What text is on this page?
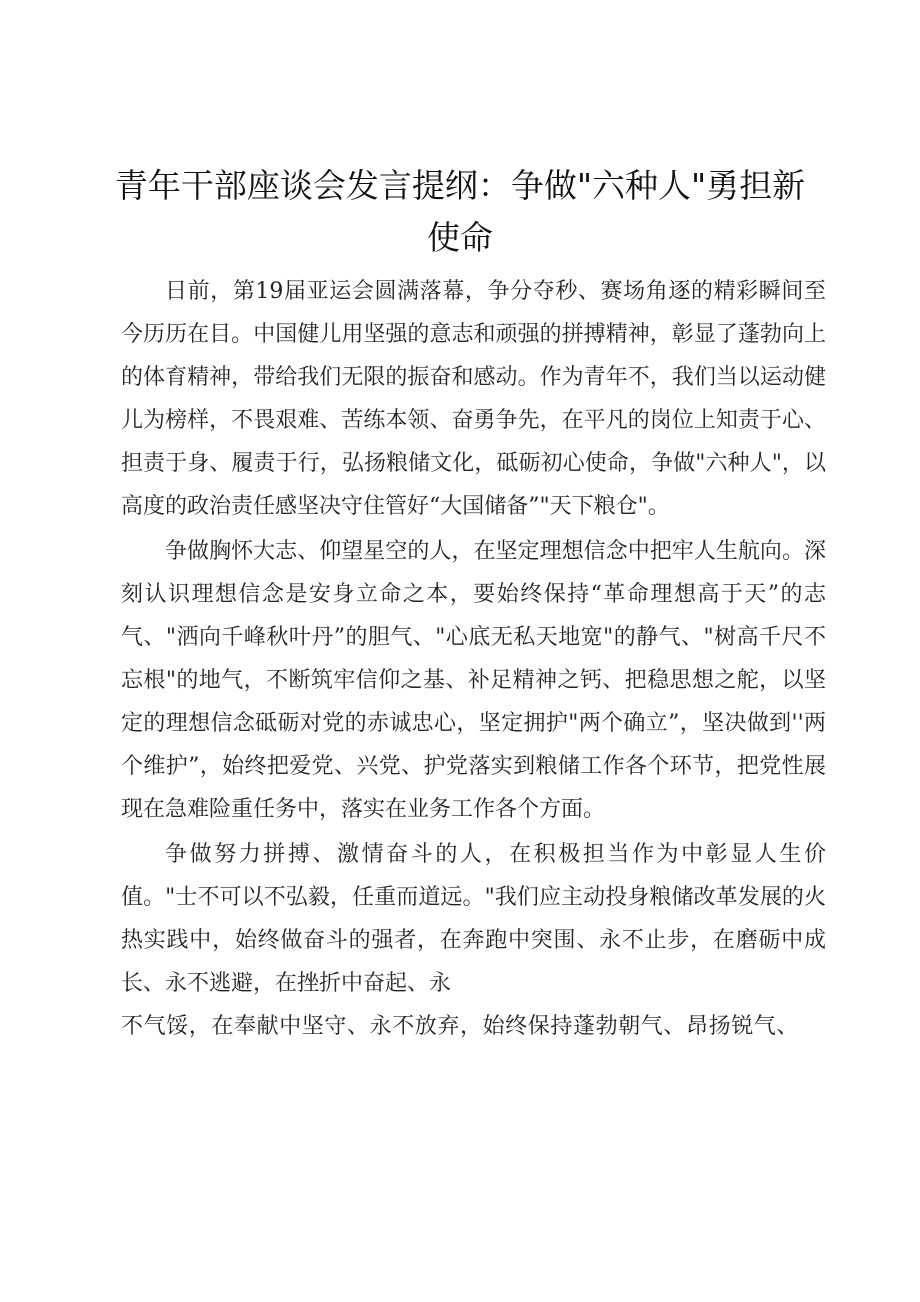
青年干部座谈会发言提纲：争做"六种人"勇担新使命

日前，第19届亚运会圆满落幕，争分夺秒、赛场角逐的精彩瞬间至今历历在目。中国健儿用坚强的意志和顽强的拼搏精神，彰显了蓬勃向上的体育精神，带给我们无限的振奋和感动。作为青年不，我们当以运动健儿为榜样，不畏艰难、苦练本领、奋勇争先，在平凡的岗位上知责于心、担责于身、履责于行，弘扬粮储文化，砥砺初心使命，争做"六种人"，以高度的政治责任感坚决守住管好“大国储备”"天下粮仓"。

争做胸怀大志、仰望星空的人，在坚定理想信念中把牢人生航向。深刻认识理想信念是安身立命之本，要始终保持“革命理想高于天”的志气、"洒向千峰秋叶丹”的胆气、"心底无私天地宽"的静气、"树高千尺不忘根"的地气，不断筑牢信仰之基、补足精神之钙、把稳思想之舵，以坚定的理想信念砥砺对党的赤诚忠心，坚定拥护"两个确立”，坚决做到''两个维护”，始终把爱党、兴党、护党落实到粮储工作各个环节，把党性展现在急难险重任务中，落实在业务工作各个方面。

争做努力拼搏、激情奋斗的人，在积极担当作为中彰显人生价值。"士不可以不弘毅，任重而道远。"我们应主动投身粮储改革发展的火热实践中，始终做奋斗的强者，在奔跑中突围、永不止步，在磨砺中成长、永不逃避，在挫折中奋起、永

不气馁，在奉献中坚守、永不放弃，始终保持蓬勃朝气、昂扬锐气、
